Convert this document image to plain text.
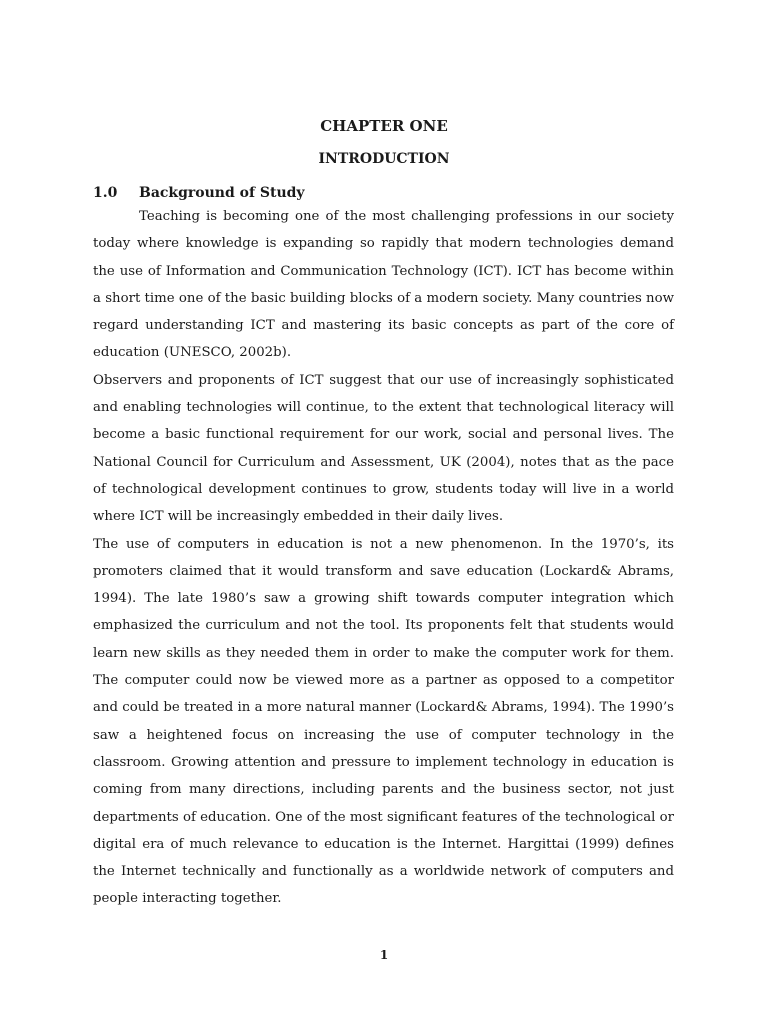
CHAPTER ONE
INTRODUCTION
1.0 Background of Study

Teaching is becoming one of the most challenging professions in our society today where knowledge is expanding so rapidly that modern technologies demand the use of Information and Communication Technology (ICT). ICT has become within a short time one of the basic building blocks of a modern society. Many countries now regard understanding ICT and mastering its basic concepts as part of the core of education (UNESCO, 2002b).

Observers and proponents of ICT suggest that our use of increasingly sophisticated and enabling technologies will continue, to the extent that technological literacy will become a basic functional requirement for our work, social and personal lives. The National Council for Curriculum and Assessment, UK (2004), notes that as the pace of technological development continues to grow, students today will live in a world where ICT will be increasingly embedded in their daily lives.

The use of computers in education is not a new phenomenon. In the 1970’s, its promoters claimed that it would transform and save education (Lockard& Abrams, 1994). The late 1980’s saw a growing shift towards computer integration which emphasized the curriculum and not the tool. Its proponents felt that students would learn new skills as they needed them in order to make the computer work for them. The computer could now be viewed more as a partner as opposed to a competitor and could be treated in a more natural manner (Lockard& Abrams, 1994). The 1990’s saw a heightened focus on increasing the use of computer technology in the classroom. Growing attention and pressure to implement technology in education is coming from many directions, including parents and the business sector, not just departments of education. One of the most significant features of the technological or digital era of much relevance to education is the Internet. Hargittai (1999) defines the Internet technically and functionally as a worldwide network of computers and people interacting together.

1
